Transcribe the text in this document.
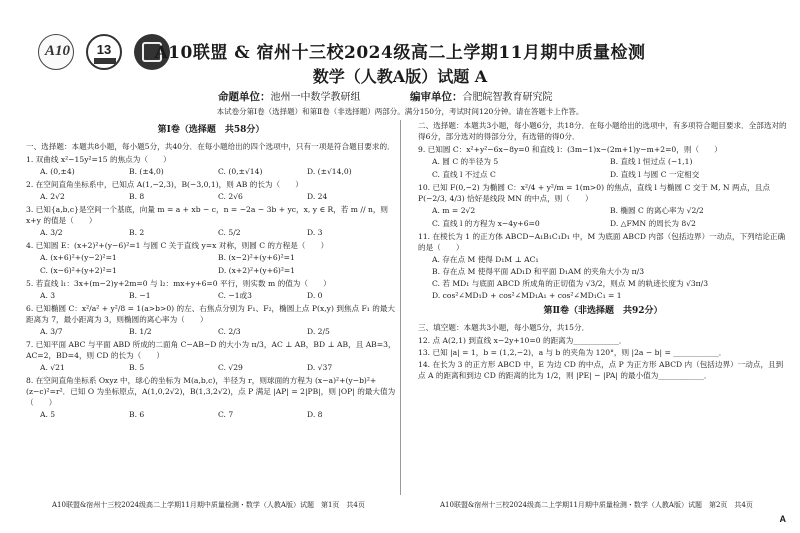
A10	13	A10联盟 & 宿州十三校2024级高二上学期11月期中质量检测
数学（人教A版）试题 A
命题单位：池州一中数学教研组	编审单位：合肥皖智教育研究院
本试卷分第Ⅰ卷（选择题）和第Ⅱ卷（非选择题）两部分。满分150分，考试时间120分钟。请在答题卡上作答。
第Ⅰ卷（选择题　共58分）
一、选择题：本题共8小题，每小题5分，共40分．在每小题给出的四个选项中，只有一项是符合题目要求的．
1. 双曲线 x²−15y²=15 的焦点为（　　）
A. (0,±4)	B. (±4,0)	C. (0,±√14)	D. (±√14,0)
2. 在空间直角坐标系中，已知点 A(1,−2,3)，B(−3,0,1)，则 AB 的长为（　　）
A. 2√2	B. 8	C. 2√6	D. 24
3. 已知{a,b,c}是空间一个基底，向量 m = a + xb − c，n = −2a − 3b + yc，x, y ∈ R，若 m // n，则 x+y 的值是（　　）
A. 3/2	B. 2	C. 5/2	D. 3
4. 已知圆 E：(x+2)²+(y−6)²=1 与圆 C 关于直线 y=x 对称，则圆 C 的方程是（　　）
A. (x+6)²+(y−2)²=1	B. (x−2)²+(y+6)²=1
C. (x−6)²+(y+2)²=1	D. (x+2)²+(y+6)²=1
5. 若直线 l₁：3x+(m−2)y+2m=0 与 l₂：mx+y+6=0 平行，则实数 m 的值为（　　）
A. 3	B. −1	C. −1或3	D. 0
6. 已知椭圆 C：x²/a² + y²/8 = 1(a>b>0) 的左、右焦点分别为 F₁、F₂，椭圆上点 P(x,y) 到焦点 F₁ 的最大距离为 7，最小距离为 3，则椭圆的离心率为（　　）
A. 3/7	B. 1/2	C. 2/3	D. 2/5
7. 已知平面 ABC 与平面 ABD 所成的二面角 C−AB−D 的大小为 π/3，AC ⊥ AB，BD ⊥ AB，且 AB=3，AC=2，BD=4，则 CD 的长为（　　）
A. √21	B. 5	C. √29	D. √37
8. 在空间直角坐标系 Oxyz 中，球心的坐标为 M(a,b,c)，半径为 r，则球面的方程为 (x−a)²+(y−b)²+(z−c)²=r²．已知 O 为坐标原点，A(1,0,2√2)，B(1,3,2√2)，点 P 满足 |AP| = 2|PB|，则 |OP| 的最大值为（　　）
A. 5	B. 6	C. 7	D. 8
二、选择题：本题共3小题，每小题6分，共18分．在每小题给出的选项中，有多项符合题目要求．全部选对的得6分，部分选对的得部分分，有选错的得0分．
9. 已知圆 C：x²+y²−6x−8y=0 和直线 l：(3m−1)x−(2m+1)y−m+2=0，则（　　）
A. 圆 C 的半径为 5	B. 直线 l 恒过点 (−1,1)
C. 直线 l 不过点 C	D. 直线 l 与圆 C 一定相交
10. 已知 F(0,−2) 为椭圆 C：x²/4 + y²/m = 1(m>0) 的焦点，直线 l 与椭圆 C 交于 M, N 两点，且点 P(−2/3, 4/3) 恰好是线段 MN 的中点，则（　　）
A. m = 2√2	B. 椭圆 C 的离心率为 √2/2
C. 直线 l 的方程为 x−4y+6=0	D. △FMN 的周长为 8√2
11. 在棱长为 1 的正方体 ABCD−A₁B₁C₁D₁ 中，M 为底面 ABCD 内部（包括边界）一动点，下列结论正确的是（　　）
A. 存在点 M 使得 D₁M ⊥ AC₁
B. 存在点 M 使得平面 AD₁D 和平面 D₁AM 的夹角大小为 π/3
C. 若 MD₁ 与底面 ABCD 所成角的正切值为 √3/2，则点 M 的轨迹长度为 √3π/3
D. cos²∠MD₁D + cos²∠MD₁A₁ + cos²∠MD₁C₁ = 1
第Ⅱ卷（非选择题　共92分）
三、填空题：本题共3小题，每小题5分，共15分．
12. 点 A(2,1) 到直线 x−2y+10=0 的距离为____________．
13. 已知 |a| = 1，b = (1,2,−2)，a 与 b 的夹角为 120°，则 |2a − b| = ____________．
14. 在长为 3 的正方形 ABCD 中，E 为边 CD 的中点，点 P 为正方形 ABCD 内（包括边界）一动点，且到点 A 的距离和到边 CD 的距离的比为 1/2，则 |PE| − |PA| 的最小值为____________．
A10联盟&宿州十三校2024级高二上学期11月期中质量检测・数学（人教A版）试题　第1页　共4页	A10联盟&宿州十三校2024级高二上学期11月期中质量检测・数学（人教A版）试题　第2页　共4页
A
